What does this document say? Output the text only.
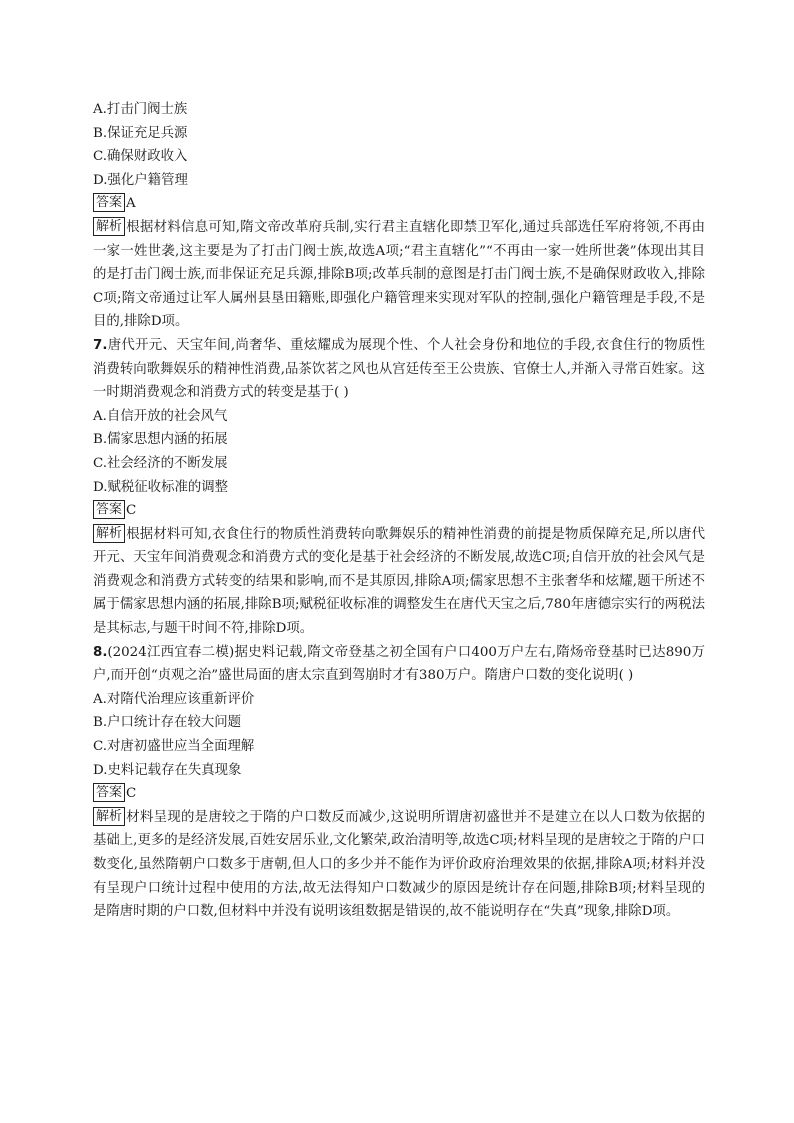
A.打击门阀士族
B.保证充足兵源
C.确保财政收入
D.强化户籍管理
答案 A
解析 根据材料信息可知,隋文帝改革府兵制,实行君主直辖化即禁卫军化,通过兵部选任军府将领,不再由一家一姓世袭,这主要是为了打击门阀士族,故选A项;“君主直辖化”“不再由一家一姓所世袭”体现出其目的是打击门阀士族,而非保证充足兵源,排除B项;改革兵制的意图是打击门阀士族,不是确保财政收入,排除C项;隋文帝通过让军人属州县垦田籍账,即强化户籍管理来实现对军队的控制,强化户籍管理是手段,不是目的,排除D项。
7.唐代开元、天宝年间,尚奢华、重炫耀成为展现个性、个人社会身份和地位的手段,衣食住行的物质性消费转向歌舞娱乐的精神性消费,品茶饮茗之风也从宫廷传至王公贵族、官僚士人,并渐入寻常百姓家。这一时期消费观念和消费方式的转变是基于( )
A.自信开放的社会风气
B.儒家思想内涵的拓展
C.社会经济的不断发展
D.赋税征收标准的调整
答案 C
解析 根据材料可知,衣食住行的物质性消费转向歌舞娱乐的精神性消费的前提是物质保障充足,所以唐代开元、天宝年间消费观念和消费方式的变化是基于社会经济的不断发展,故选C项;自信开放的社会风气是消费观念和消费方式转变的结果和影响,而不是其原因,排除A项;儒家思想不主张奢华和炫耀,题干所述不属于儒家思想内涵的拓展,排除B项;赋税征收标准的调整发生在唐代天宝之后,780年唐德宗实行的两税法是其标志,与题干时间不符,排除D项。
8.(2024江西宜春二模)据史料记载,隋文帝登基之初全国有户口400万户左右,隋炀帝登基时已达890万户,而开创“贞观之治”盛世局面的唐太宗直到驾崩时才有380万户。隋唐户口数的变化说明( )
A.对隋代治理应该重新评价
B.户口统计存在较大问题
C.对唐初盛世应当全面理解
D.史料记载存在失真现象
答案 C
解析 材料呈现的是唐较之于隋的户口数反而减少,这说明所谓唐初盛世并不是建立在以人口数为依据的基础上,更多的是经济发展,百姓安居乐业,文化繁荣,政治清明等,故选C项;材料呈现的是唐较之于隋的户口数变化,虽然隋朝户口数多于唐朝,但人口的多少并不能作为评价政府治理效果的依据,排除A项;材料并没有呈现户口统计过程中使用的方法,故无法得知户口数减少的原因是统计存在问题,排除B项;材料呈现的是隋唐时期的户口数,但材料中并没有说明该组数据是错误的,故不能说明存在“失真”现象,排除D项。
